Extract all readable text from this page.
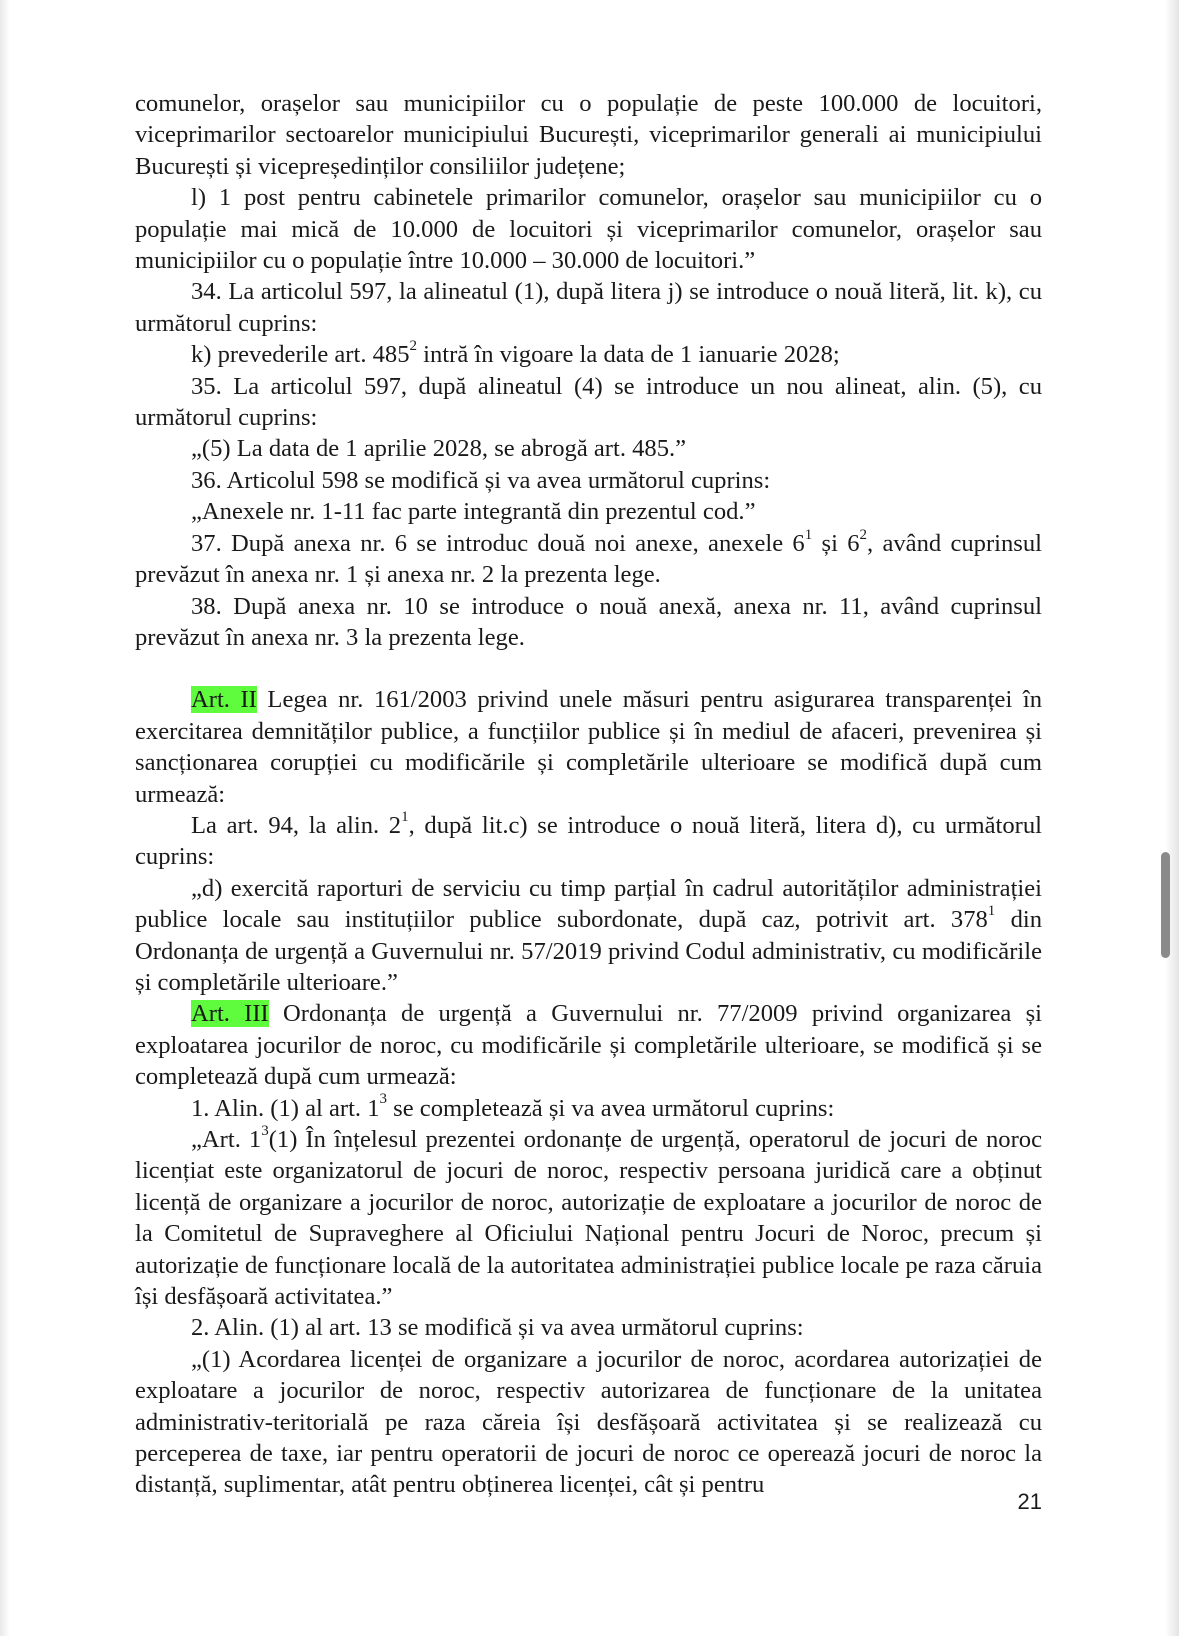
comunelor, orașelor sau municipiilor cu o populație de peste 100.000 de locuitori, viceprimarilor sectoarelor municipiului București, viceprimarilor generali ai municipiului București și vicepreședinților consiliilor județene;

l) 1 post pentru cabinetele primarilor comunelor, orașelor sau municipiilor cu o populație mai mică de 10.000 de locuitori și viceprimarilor comunelor, orașelor sau municipiilor cu o populație între 10.000 – 30.000 de locuitori.”

34. La articolul 597, la alineatul (1), după litera j) se introduce o nouă literă, lit. k), cu următorul cuprins:

k) prevederile art. $485^2$ intră în vigoare la data de 1 ianuarie 2028;

35. La articolul 597, după alineatul (4) se introduce un nou alineat, alin. (5), cu următorul cuprins:

„(5) La data de 1 aprilie 2028, se abrogă art. 485.”

36. Articolul 598 se modifică și va avea următorul cuprins:

„Anexele nr. 1-11 fac parte integrantă din prezentul cod.”

37. După anexa nr. 6 se introduc două noi anexe, anexele $6^1$ și $6^2$, având cuprinsul prevăzut în anexa nr. 1 și anexa nr. 2 la prezenta lege.

38. După anexa nr. 10 se introduce o nouă anexă, anexa nr. 11, având cuprinsul prevăzut în anexa nr. 3 la prezenta lege.

Art. II Legea nr. 161/2003 privind unele măsuri pentru asigurarea transparenței în exercitarea demnităților publice, a funcțiilor publice și în mediul de afaceri, prevenirea și sancționarea corupției cu modificările și completările ulterioare se modifică după cum urmează:

La art. 94, la alin. $2^1$, după lit.c) se introduce o nouă literă, litera d), cu următorul cuprins:

„d) exercită raporturi de serviciu cu timp parțial în cadrul autorităților administrației publice locale sau instituțiilor publice subordonate, după caz, potrivit art. $378^1$ din Ordonanța de urgență a Guvernului nr. 57/2019 privind Codul administrativ, cu modificările și completările ulterioare.”

Art. III Ordonanța de urgență a Guvernului nr. 77/2009 privind organizarea și exploatarea jocurilor de noroc, cu modificările și completările ulterioare, se modifică și se completează după cum urmează:

1. Alin. (1) al art. $1^3$ se completează și va avea următorul cuprins:

„Art. $1^3(1)$ În înțelesul prezentei ordonanțe de urgență, operatorul de jocuri de noroc licențiat este organizatorul de jocuri de noroc, respectiv persoana juridică care a obținut licență de organizare a jocurilor de noroc, autorizație de exploatare a jocurilor de noroc de la Comitetul de Supraveghere al Oficiului Național pentru Jocuri de Noroc, precum și autorizație de funcționare locală de la autoritatea administrației publice locale pe raza căruia își desfășoară activitatea.”

2. Alin. (1) al art. 13 se modifică și va avea următorul cuprins:

„(1) Acordarea licenței de organizare a jocurilor de noroc, acordarea autorizației de exploatare a jocurilor de noroc, respectiv autorizarea de funcționare de la unitatea administrativ-teritorială pe raza căreia își desfășoară activitatea și se realizează cu perceperea de taxe, iar pentru operatorii de jocuri de noroc ce operează jocuri de noroc la distanță, suplimentar, atât pentru obținerea licenței, cât și pentru

21
